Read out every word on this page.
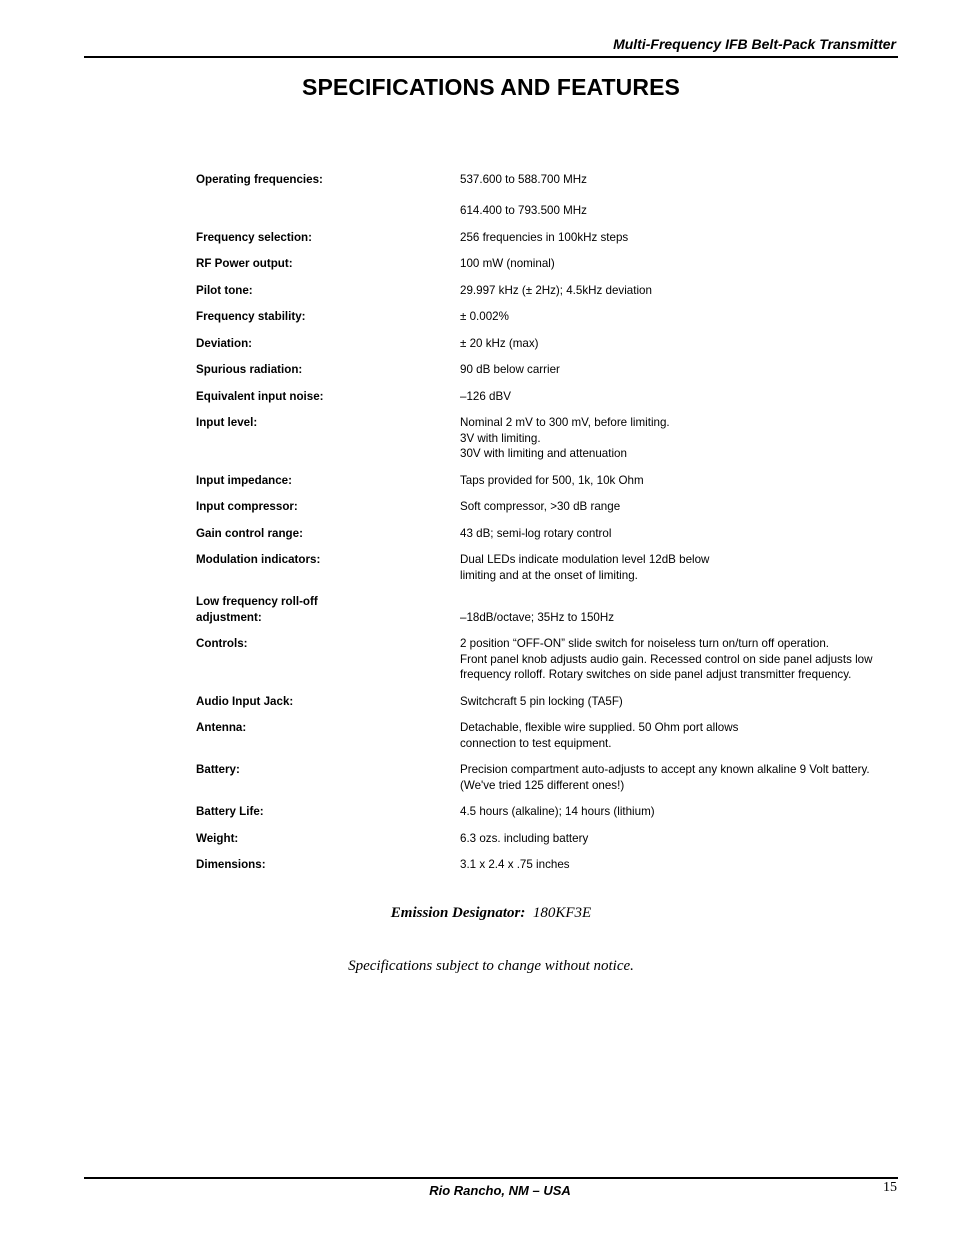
Multi-Frequency IFB Belt-Pack Transmitter
SPECIFICATIONS AND FEATURES
Operating frequencies:	537.600 to 588.700 MHz
614.400 to 793.500 MHz
Frequency selection:	256 frequencies in 100kHz steps
RF Power output:	100 mW (nominal)
Pilot tone:	29.997 kHz (± 2Hz); 4.5kHz deviation
Frequency stability:	± 0.002%
Deviation:	± 20 kHz (max)
Spurious radiation:	90 dB below carrier
Equivalent input noise:	–126 dBV
Input level:	Nominal 2 mV to 300 mV, before limiting.
3V with limiting.
30V with limiting and attenuation
Input impedance:	Taps provided for 500, 1k, 10k Ohm
Input compressor:	Soft compressor, >30 dB range
Gain control range:	43 dB; semi-log rotary control
Modulation indicators:	Dual LEDs indicate modulation level 12dB below
limiting and at the onset of limiting.
Low frequency roll-off
adjustment:	–18dB/octave; 35Hz to 150Hz
Controls:	2 position “OFF-ON” slide switch for noiseless turn on/turn off operation.
Front panel knob adjusts audio gain. Recessed control on side panel adjusts low
frequency rolloff. Rotary switches on side panel adjust transmitter frequency.
Audio Input Jack:	Switchcraft 5 pin locking (TA5F)
Antenna:	Detachable, flexible wire supplied. 50 Ohm port allows
connection to test equipment.
Battery:	Precision compartment auto-adjusts to accept any known alkaline 9 Volt battery.
(We've tried 125 different ones!)
Battery Life:	4.5 hours (alkaline); 14 hours (lithium)
Weight:	6.3 ozs. including battery
Dimensions:	3.1 x 2.4 x .75 inches
Emission Designator: 180KF3E
Specifications subject to change without notice.
Rio Rancho, NM – USA	15
